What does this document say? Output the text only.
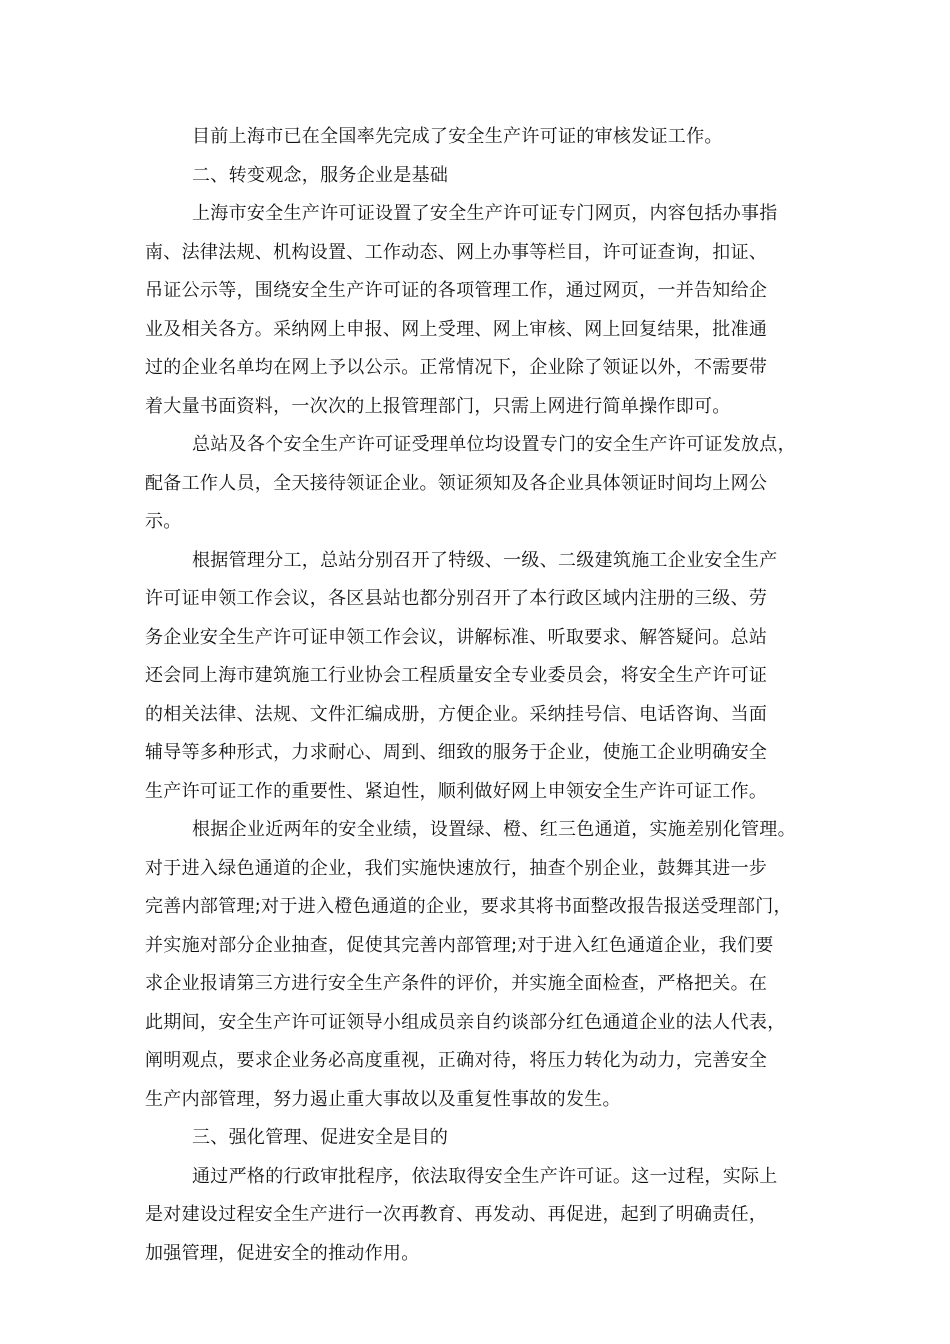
目前上海市已在全国率先完成了安全生产许可证的审核发证工作。
二、转变观念，服务企业是基础
上海市安全生产许可证设置了安全生产许可证专门网页，内容包括办事指
南、法律法规、机构设置、工作动态、网上办事等栏目，许可证查询，扣证、
吊证公示等，围绕安全生产许可证的各项管理工作，通过网页，一并告知给企
业及相关各方。采纳网上申报、网上受理、网上审核、网上回复结果，批准通
过的企业名单均在网上予以公示。正常情况下，企业除了领证以外，不需要带
着大量书面资料，一次次的上报管理部门，只需上网进行简单操作即可。
总站及各个安全生产许可证受理单位均设置专门的安全生产许可证发放点，
配备工作人员，全天接待领证企业。领证须知及各企业具体领证时间均上网公
示。
根据管理分工，总站分别召开了特级、一级、二级建筑施工企业安全生产
许可证申领工作会议，各区县站也都分别召开了本行政区域内注册的三级、劳
务企业安全生产许可证申领工作会议，讲解标准、听取要求、解答疑问。总站
还会同上海市建筑施工行业协会工程质量安全专业委员会，将安全生产许可证
的相关法律、法规、文件汇编成册，方便企业。采纳挂号信、电话咨询、当面
辅导等多种形式，力求耐心、周到、细致的服务于企业，使施工企业明确安全
生产许可证工作的重要性、紧迫性，顺利做好网上申领安全生产许可证工作。
根据企业近两年的安全业绩，设置绿、橙、红三色通道，实施差别化管理。
对于进入绿色通道的企业，我们实施快速放行，抽查个别企业，鼓舞其进一步
完善内部管理;对于进入橙色通道的企业，要求其将书面整改报告报送受理部门，
并实施对部分企业抽查，促使其完善内部管理;对于进入红色通道企业，我们要
求企业报请第三方进行安全生产条件的评价，并实施全面检查，严格把关。在
此期间，安全生产许可证领导小组成员亲自约谈部分红色通道企业的法人代表，
阐明观点，要求企业务必高度重视，正确对待，将压力转化为动力，完善安全
生产内部管理，努力遏止重大事故以及重复性事故的发生。
三、强化管理、促进安全是目的
通过严格的行政审批程序，依法取得安全生产许可证。这一过程，实际上
是对建设过程安全生产进行一次再教育、再发动、再促进，起到了明确责任，
加强管理，促进安全的推动作用。
